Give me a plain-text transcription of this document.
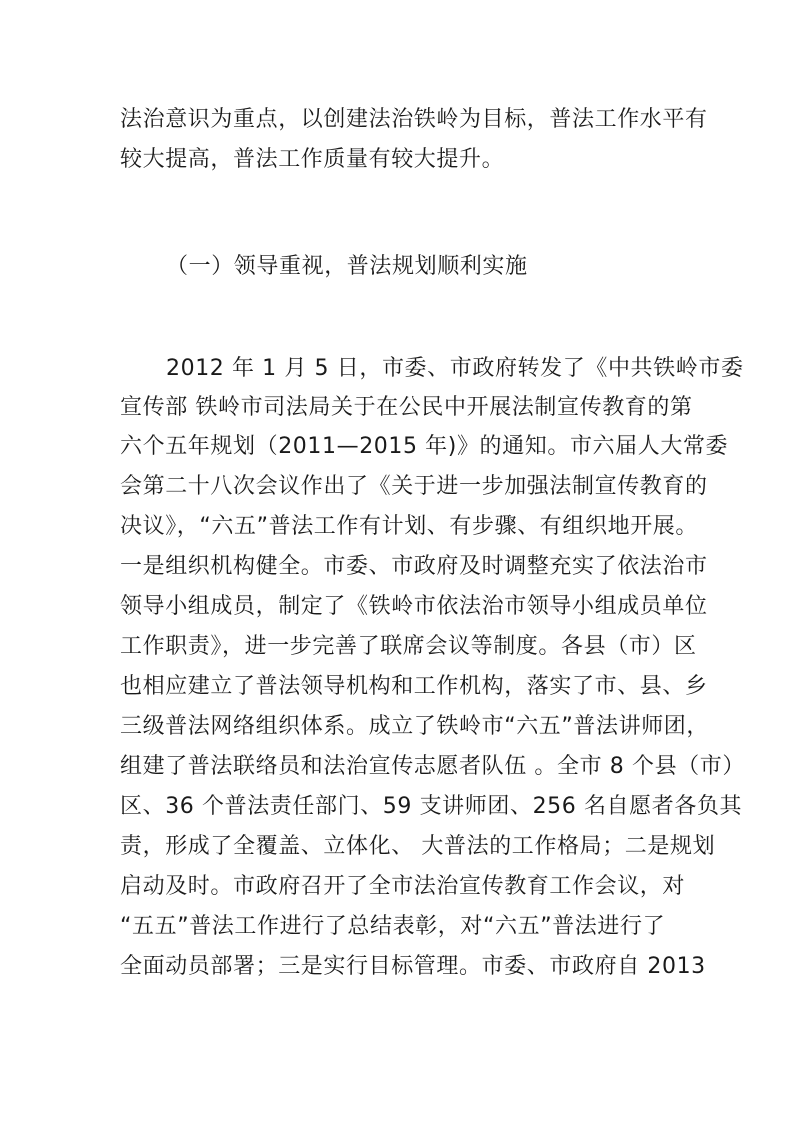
法治意识为重点，以创建法治铁岭为目标，普法工作水平有
较大提高，普法工作质量有较大提升。
（一）领导重视，普法规划顺利实施
2012 年 1 月 5 日，市委、市政府转发了《中共铁岭市委
宣传部 铁岭市司法局关于在公民中开展法制宣传教育的第
六个五年规划（2011—2015 年)》的通知。市六届人大常委
会第二十八次会议作出了《关于进一步加强法制宣传教育的
决议》，“六五”普法工作有计划、有步骤、有组织地开展。
一是组织机构健全。市委、市政府及时调整充实了依法治市
领导小组成员，制定了《铁岭市依法治市领导小组成员单位
工作职责》，进一步完善了联席会议等制度。各县（市）区
也相应建立了普法领导机构和工作机构，落实了市、县、乡
三级普法网络组织体系。成立了铁岭市“六五”普法讲师团，
组建了普法联络员和法治宣传志愿者队伍 。全市 8 个县（市）
区、36 个普法责任部门、59 支讲师团、256 名自愿者各负其
责，形成了全覆盖、立体化、 大普法的工作格局；二是规划
启动及时。市政府召开了全市法治宣传教育工作会议，对
“五五”普法工作进行了总结表彰，对“六五”普法进行了
全面动员部署；三是实行目标管理。市委、市政府自 2013
